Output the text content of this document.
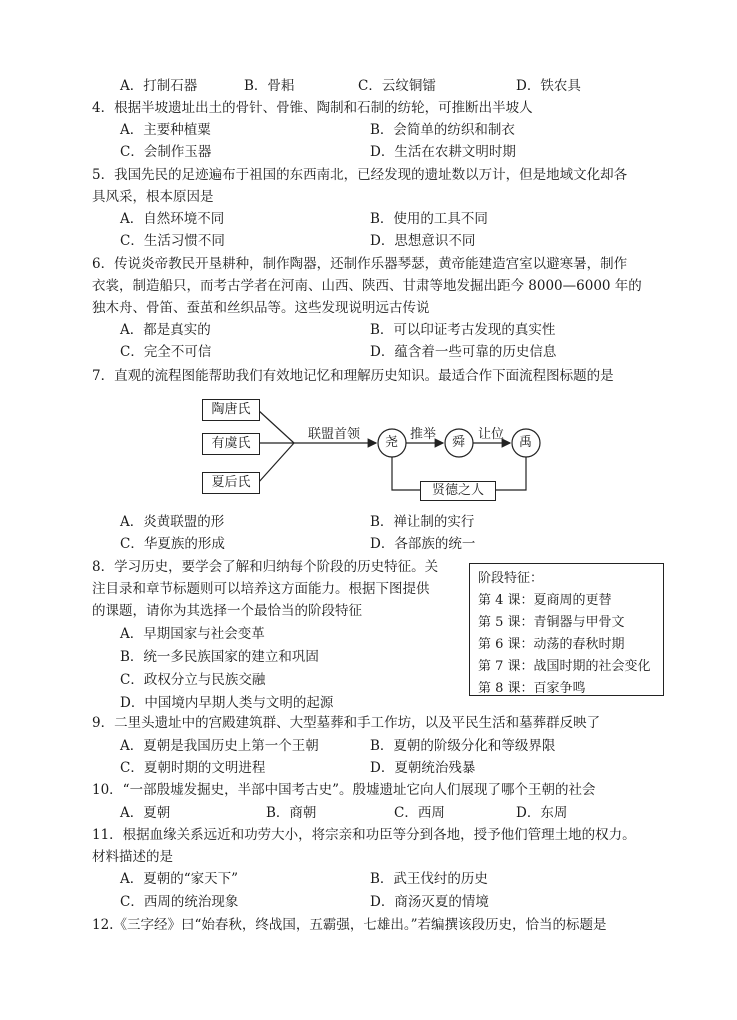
A．打制石器	B．骨耜	C．云纹铜镭	D．铁农具
4．根据半坡遗址出土的骨针、骨锥、陶制和石制的纺轮，可推断出半坡人
A．主要种植粟	B．会简单的纺织和制衣
C．会制作玉器	D．生活在农耕文明时期
5．我国先民的足迹遍布于祖国的东西南北，已经发现的遗址数以万计，但是地域文化却各
具风采，根本原因是
A．自然环境不同	B．使用的工具不同
C．生活习惯不同	D．思想意识不同
6．传说炎帝教民开垦耕种，制作陶器，还制作乐器琴瑟，黄帝能建造宫室以避寒暑，制作
衣裳，制造船只，而考古学者在河南、山西、陕西、甘肃等地发掘出距今 8000—6000 年的
独木舟、骨笛、蚕茧和丝织品等。这些发现说明远古传说
A．都是真实的	B．可以印证考古发现的真实性
C．完全不可信	D．蕴含着一些可靠的历史信息
7．直观的流程图能帮助我们有效地记忆和理解历史知识。最适合作下面流程图标题的是
陶唐氏
有虞氏
夏后氏
联盟首领
尧	舜	禹
推举	让位
贤德之人
A．炎黄联盟的形	B．禅让制的实行
C．华夏族的形成	D．各部族的统一
8．学习历史，要学会了解和归纳每个阶段的历史特征。关
注目录和章节标题则可以培养这方面能力。根据下图提供
的课题，请你为其选择一个最恰当的阶段特征
A．早期国家与社会变革
B．统一多民族国家的建立和巩固
C．政权分立与民族交融
D．中国境内早期人类与文明的起源
阶段特征：
第 4 课：夏商周的更替
第 5 课：青铜器与甲骨文
第 6 课：动荡的春秋时期
第 7 课：战国时期的社会变化
第 8 课：百家争鸣
9．二里头遗址中的宫殿建筑群、大型墓葬和手工作坊，以及平民生活和墓葬群反映了
A．夏朝是我国历史上第一个王朝	B．夏朝的阶级分化和等级界限
C．夏朝时期的文明进程	D．夏朝统治残暴
10．“一部殷墟发掘史，半部中国考古史”。殷墟遗址它向人们展现了哪个王朝的社会
A．夏朝	B．商朝	C．西周	D．东周
11．根据血缘关系远近和功劳大小，将宗亲和功臣等分到各地，授予他们管理土地的权力。
材料描述的是
A．夏朝的“家天下”	B．武王伐纣的历史
C．西周的统治现象	D．商汤灭夏的情境
12.《三字经》曰“始春秋，终战国，五霸强，七雄出。”若编撰该段历史，恰当的标题是
